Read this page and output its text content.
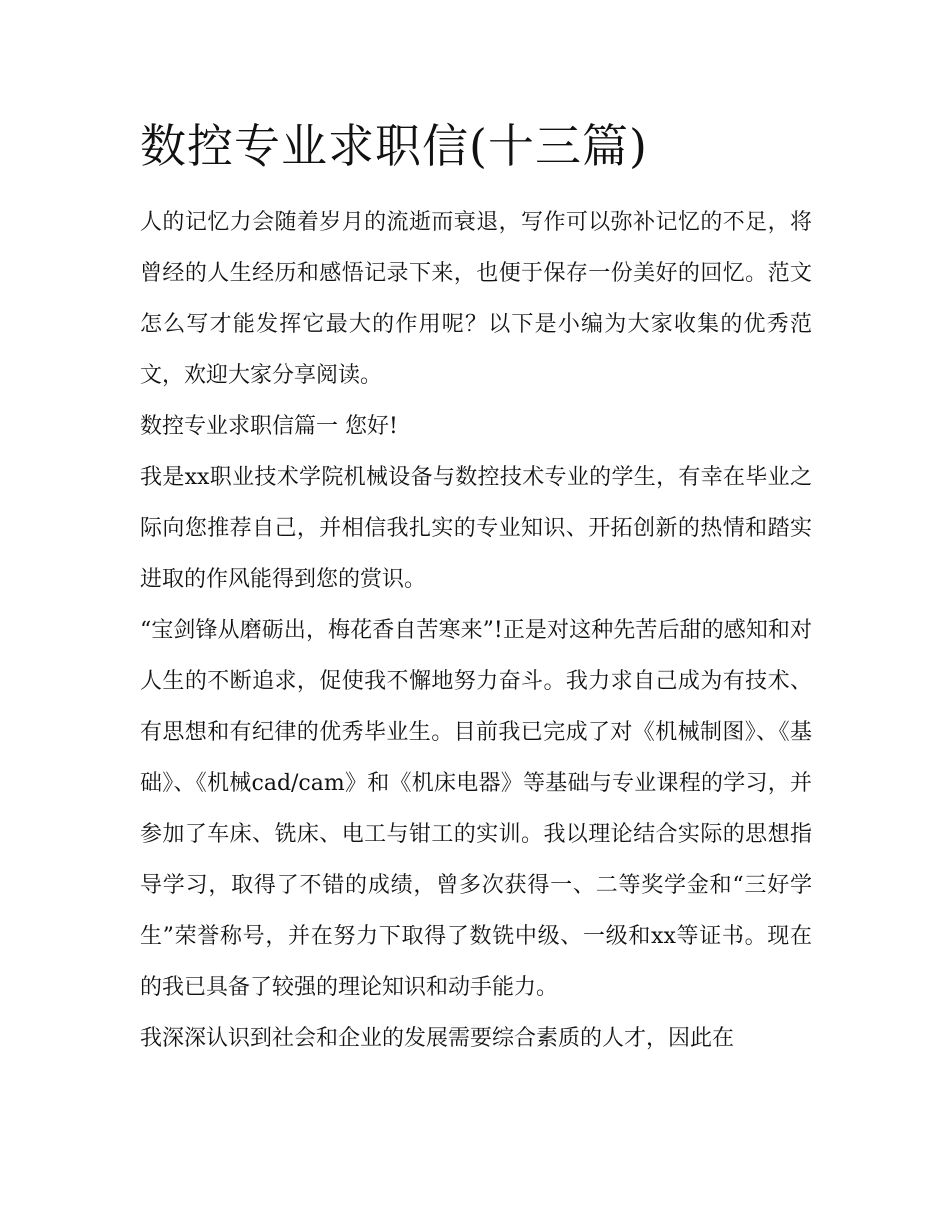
数控专业求职信(十三篇)

人的记忆力会随着岁月的流逝而衰退，写作可以弥补记忆的不足，将曾经的人生经历和感悟记录下来，也便于保存一份美好的回忆。范文怎么写才能发挥它最大的作用呢？以下是小编为大家收集的优秀范文，欢迎大家分享阅读。

数控专业求职信篇一 您好!

我是xx职业技术学院机械设备与数控技术专业的学生，有幸在毕业之际向您推荐自己，并相信我扎实的专业知识、开拓创新的热情和踏实进取的作风能得到您的赏识。

“宝剑锋从磨砺出，梅花香自苦寒来”!正是对这种先苦后甜的感知和对人生的不断追求，促使我不懈地努力奋斗。我力求自己成为有技术、有思想和有纪律的优秀毕业生。目前我已完成了对《机械制图》、《基础》、《机械cad/cam》和《机床电器》等基础与专业课程的学习，并参加了车床、铣床、电工与钳工的实训。我以理论结合实际的思想指导学习，取得了不错的成绩，曾多次获得一、二等奖学金和“三好学生”荣誉称号，并在努力下取得了数铣中级、一级和xx等证书。现在的我已具备了较强的理论知识和动手能力。

我深深认识到社会和企业的发展需要综合素质的人才，因此在
